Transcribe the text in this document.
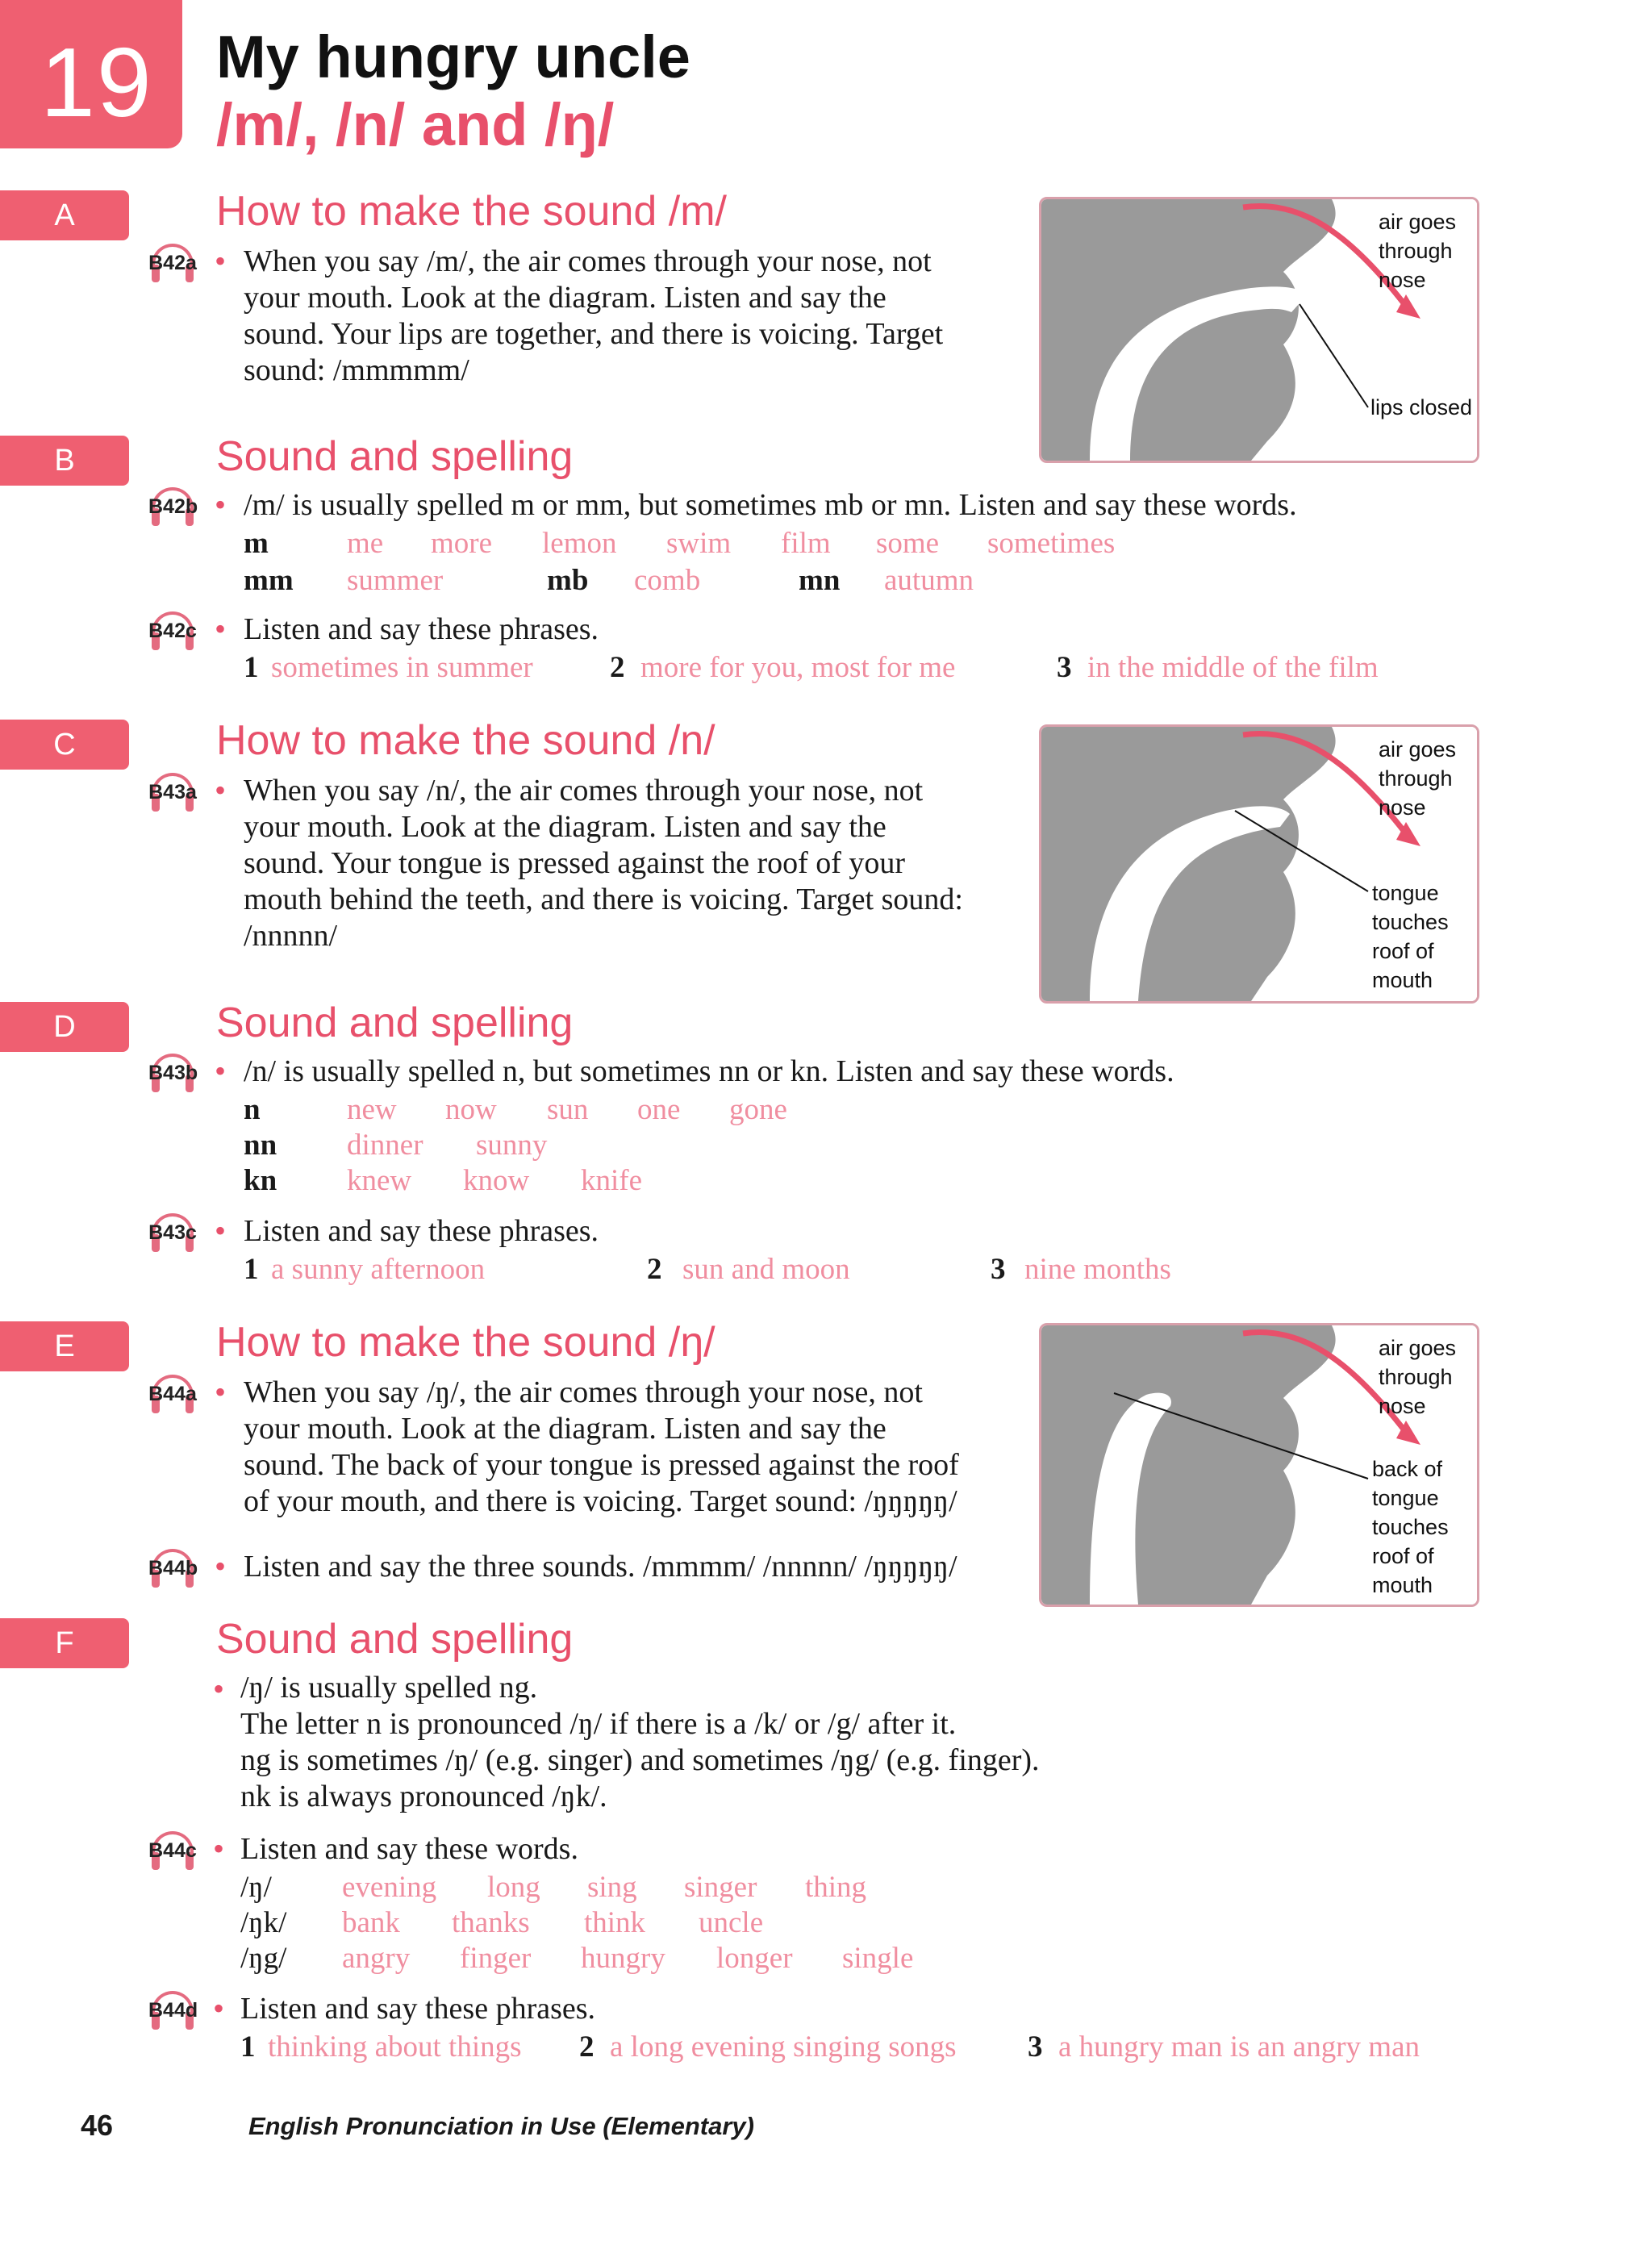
19 My hungry uncle
/m/, /n/ and /ŋ/
A	How to make the sound /m/
B42a • When you say /m/, the air comes through your nose, not
your mouth. Look at the diagram. Listen and say the
sound. Your lips are together, and there is voicing. Target
sound: /mmmmm/
air goes
through
nose
lips closed
B	Sound and spelling
B42b • /m/ is usually spelled m or mm, but sometimes mb or mn. Listen and say these words.
m	me more lemon swim film some sometimes
mm summer	mb comb	mn autumn
B42c • Listen and say these phrases.
1 sometimes in summer	2 more for you, most for me	3 in the middle of the film
C	How to make the sound /n/
B43a • When you say /n/, the air comes through your nose, not
your mouth. Look at the diagram. Listen and say the
sound. Your tongue is pressed against the roof of your
mouth behind the teeth, and there is voicing. Target sound:
/nnnnn/
air goes
through
nose
tongue
touches
roof of
mouth
D	Sound and spelling
B43b • /n/ is usually spelled n, but sometimes nn or kn. Listen and say these words.
n	new now sun one gone
nn dinner sunny
kn knew know knife
B43c • Listen and say these phrases.
1 a sunny afternoon	2 sun and moon	3 nine months
E	How to make the sound /ŋ/
B44a • When you say /ŋ/, the air comes through your nose, not
your mouth. Look at the diagram. Listen and say the
sound. The back of your tongue is pressed against the roof
of your mouth, and there is voicing. Target sound: /ŋŋŋŋŋ/
B44b • Listen and say the three sounds. /mmmm/ /nnnnn/ /ŋŋŋŋŋ/
air goes
through
nose
back of
tongue
touches
roof of
mouth
F	Sound and spelling
• /ŋ/ is usually spelled ng.
The letter n is pronounced /ŋ/ if there is a /k/ or /g/ after it.
ng is sometimes /ŋ/ (e.g. singer) and sometimes /ŋg/ (e.g. finger).
nk is always pronounced /ŋk/.
B44c • Listen and say these words.
/ŋ/ evening long sing singer thing
/ŋk/ bank thanks think uncle
/ŋg/ angry finger hungry longer single
B44d • Listen and say these phrases.
1 thinking about things 2 a long evening singing songs 3 a hungry man is an angry man
46	English Pronunciation in Use (Elementary)
